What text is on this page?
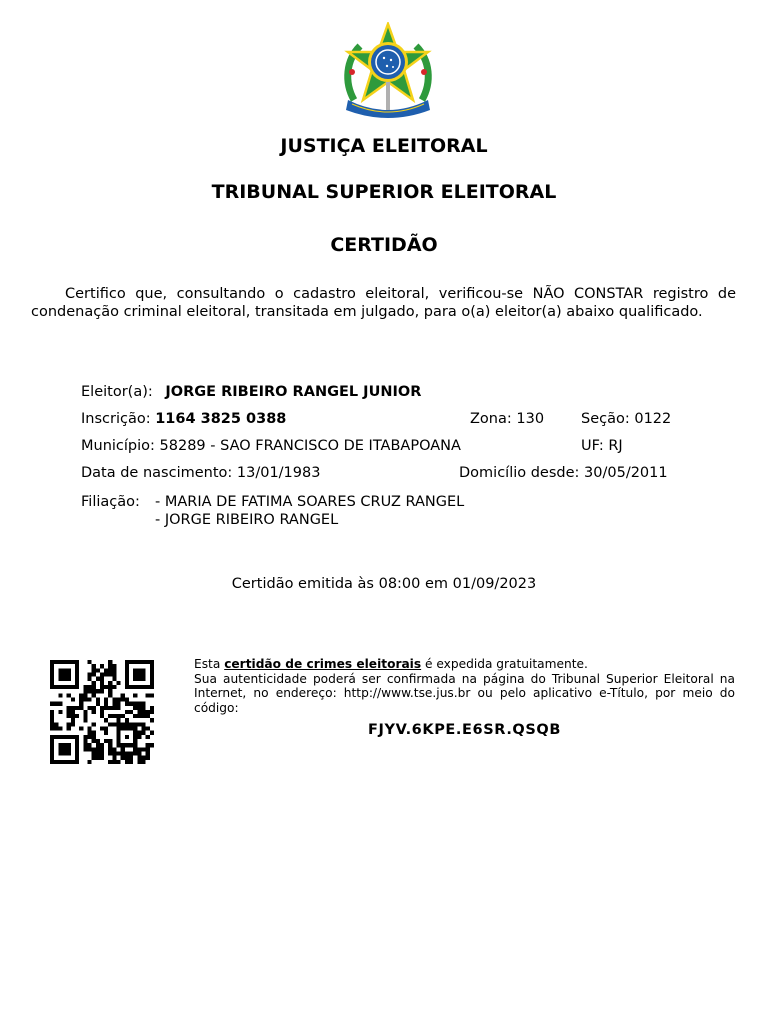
JUSTIÇA ELEITORAL
TRIBUNAL SUPERIOR ELEITORAL
CERTIDÃO
Certifico que, consultando o cadastro eleitoral, verificou-se NÃO CONSTAR registro de condenação criminal eleitoral, transitada em julgado, para o(a) eleitor(a) abaixo qualificado.
Eleitor(a): JORGE RIBEIRO RANGEL JUNIOR
Inscrição: 1164 3825 0388	Zona: 130	Seção: 0122
Município: 58289 - SAO FRANCISCO DE ITABAPOANA	UF: RJ
Data de nascimento: 13/01/1983	Domicílio desde: 30/05/2011
Filiação: - MARIA DE FATIMA SOARES CRUZ RANGEL
- JORGE RIBEIRO RANGEL
Certidão emitida às 08:00 em 01/09/2023
Esta certidão de crimes eleitorais é expedida gratuitamente.
Sua autenticidade poderá ser confirmada na página do Tribunal Superior Eleitoral na Internet, no endereço: http://www.tse.jus.br ou pelo aplicativo e-Título, por meio do código:
FJYV.6KPE.E6SR.QSQB
